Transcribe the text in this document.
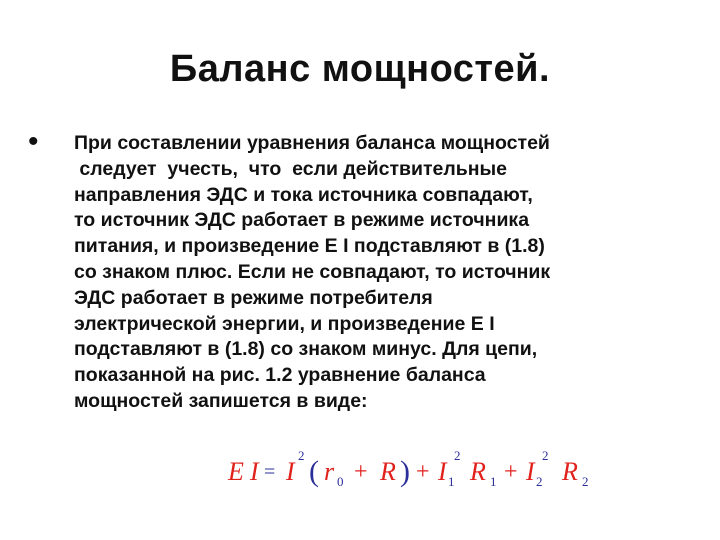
Баланс мощностей.
• При составлении уравнения баланса мощностей
следует  учесть,  что  если действительные
направления ЭДС и тока источника совпадают,
то источник ЭДС работает в режиме источника
питания, и произведение Е I подставляют в (1.8)
со знаком плюс. Если не совпадают, то источник
ЭДС работает в режиме потребителя
электрической энергии, и произведение Е I
подставляют в (1.8) со знаком минус. Для цепи,
показанной на рис. 1.2 уравнение баланса
мощностей запишется в виде:
E I = I
2 ( r 0 + R ) + I 1
2
R 1 + I 2
2
R 2
